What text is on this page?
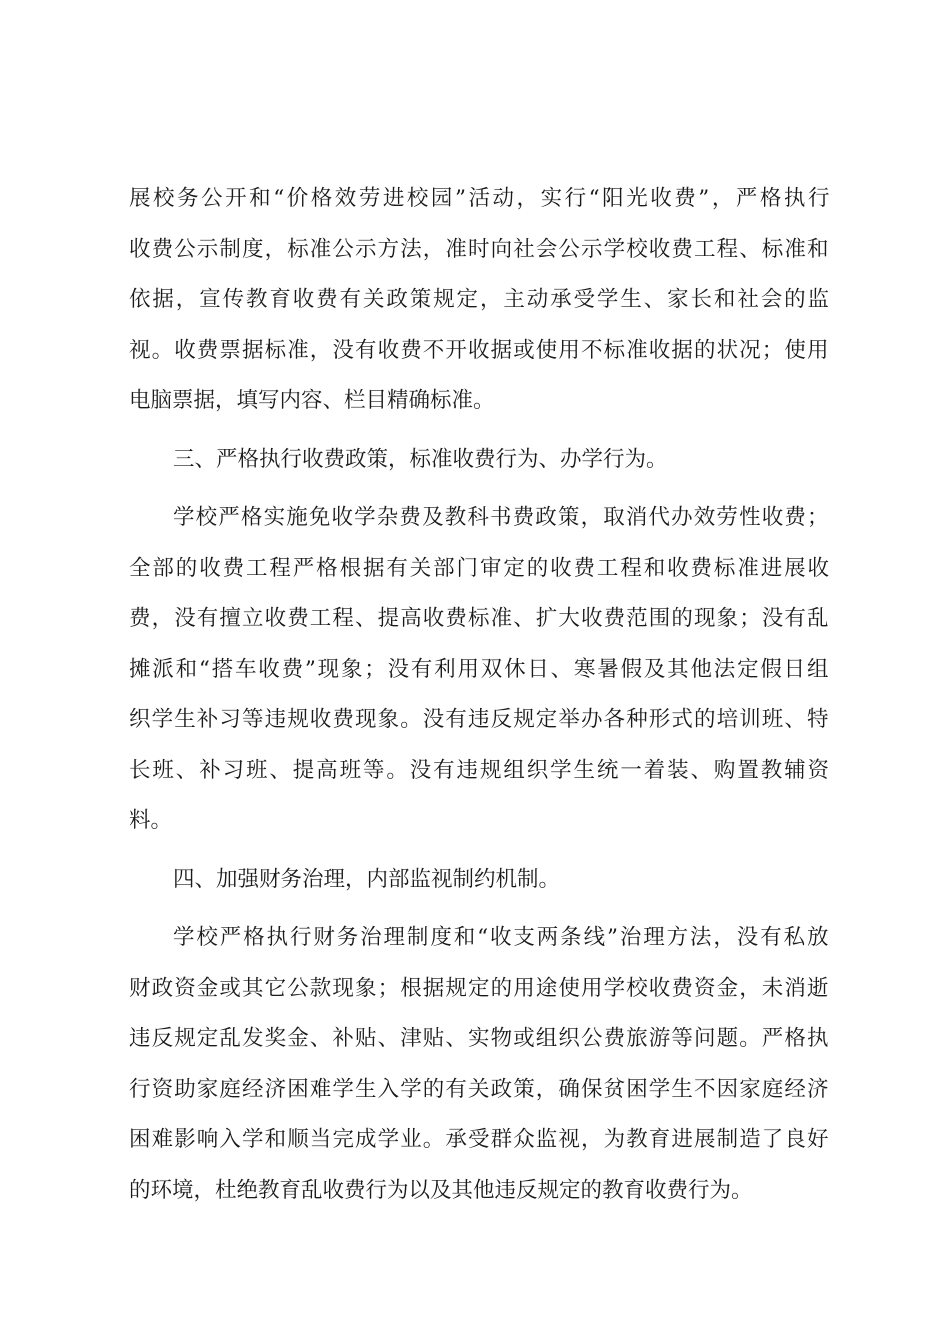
展校务公开和“价格效劳进校园”活动，实行“阳光收费”，严格执行
收费公示制度，标准公示方法，准时向社会公示学校收费工程、标准和
依据，宣传教育收费有关政策规定，主动承受学生、家长和社会的监
视。收费票据标准，没有收费不开收据或使用不标准收据的状况；使用
电脑票据，填写内容、栏目精确标准。
三、严格执行收费政策，标准收费行为、办学行为。
学校严格实施免收学杂费及教科书费政策，取消代办效劳性收费；
全部的收费工程严格根据有关部门审定的收费工程和收费标准进展收
费，没有擅立收费工程、提高收费标准、扩大收费范围的现象；没有乱
摊派和“搭车收费”现象；没有利用双休日、寒暑假及其他法定假日组
织学生补习等违规收费现象。没有违反规定举办各种形式的培训班、特
长班、补习班、提高班等。没有违规组织学生统一着装、购置教辅资
料。
四、加强财务治理，内部监视制约机制。
学校严格执行财务治理制度和“收支两条线”治理方法，没有私放
财政资金或其它公款现象；根据规定的用途使用学校收费资金，未消逝
违反规定乱发奖金、补贴、津贴、实物或组织公费旅游等问题。严格执
行资助家庭经济困难学生入学的有关政策，确保贫困学生不因家庭经济
困难影响入学和顺当完成学业。承受群众监视，为教育进展制造了良好
的环境，杜绝教育乱收费行为以及其他违反规定的教育收费行为。
